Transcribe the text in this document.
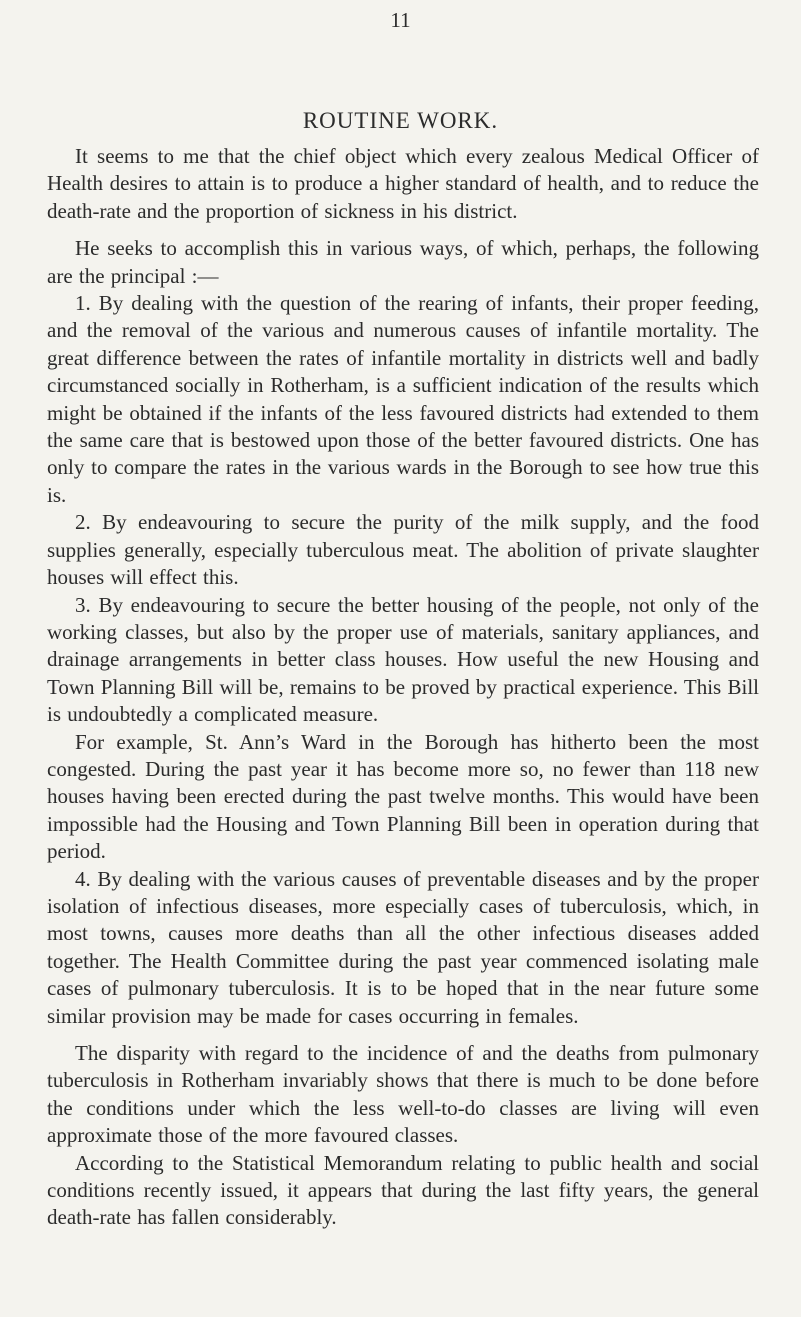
11
ROUTINE WORK.

It seems to me that the chief object which every zealous Medical Officer of Health desires to attain is to produce a higher standard of health, and to reduce the death-rate and the proportion of sickness in his district.

He seeks to accomplish this in various ways, of which, perhaps, the following are the principal :—

1. By dealing with the question of the rearing of infants, their proper feeding, and the removal of the various and numerous causes of infantile mortality. The great difference between the rates of infantile mortality in districts well and badly circumstanced socially in Rotherham, is a sufficient indication of the results which might be obtained if the infants of the less favoured districts had extended to them the same care that is bestowed upon those of the better favoured districts. One has only to compare the rates in the various wards in the Borough to see how true this is.

2. By endeavouring to secure the purity of the milk supply, and the food supplies generally, especially tuberculous meat. The abolition of private slaughter houses will effect this.

3. By endeavouring to secure the better housing of the people, not only of the working classes, but also by the proper use of materials, sanitary appliances, and drainage arrangements in better class houses. How useful the new Housing and Town Planning Bill will be, remains to be proved by practical experience. This Bill is undoubtedly a complicated measure.

For example, St. Ann’s Ward in the Borough has hitherto been the most congested. During the past year it has become more so, no fewer than 118 new houses having been erected during the past twelve months. This would have been impossible had the Housing and Town Planning Bill been in operation during that period.

4. By dealing with the various causes of preventable diseases and by the proper isolation of infectious diseases, more especially cases of tuberculosis, which, in most towns, causes more deaths than all the other infectious diseases added together. The Health Committee during the past year commenced isolating male cases of pulmonary tuberculosis. It is to be hoped that in the near future some similar provision may be made for cases occurring in females.

The disparity with regard to the incidence of and the deaths from pulmonary tuberculosis in Rotherham invariably shows that there is much to be done before the conditions under which the less well-to-do classes are living will even approximate those of the more favoured classes.

According to the Statistical Memorandum relating to public health and social conditions recently issued, it appears that during the last fifty years, the general death-rate has fallen considerably.
